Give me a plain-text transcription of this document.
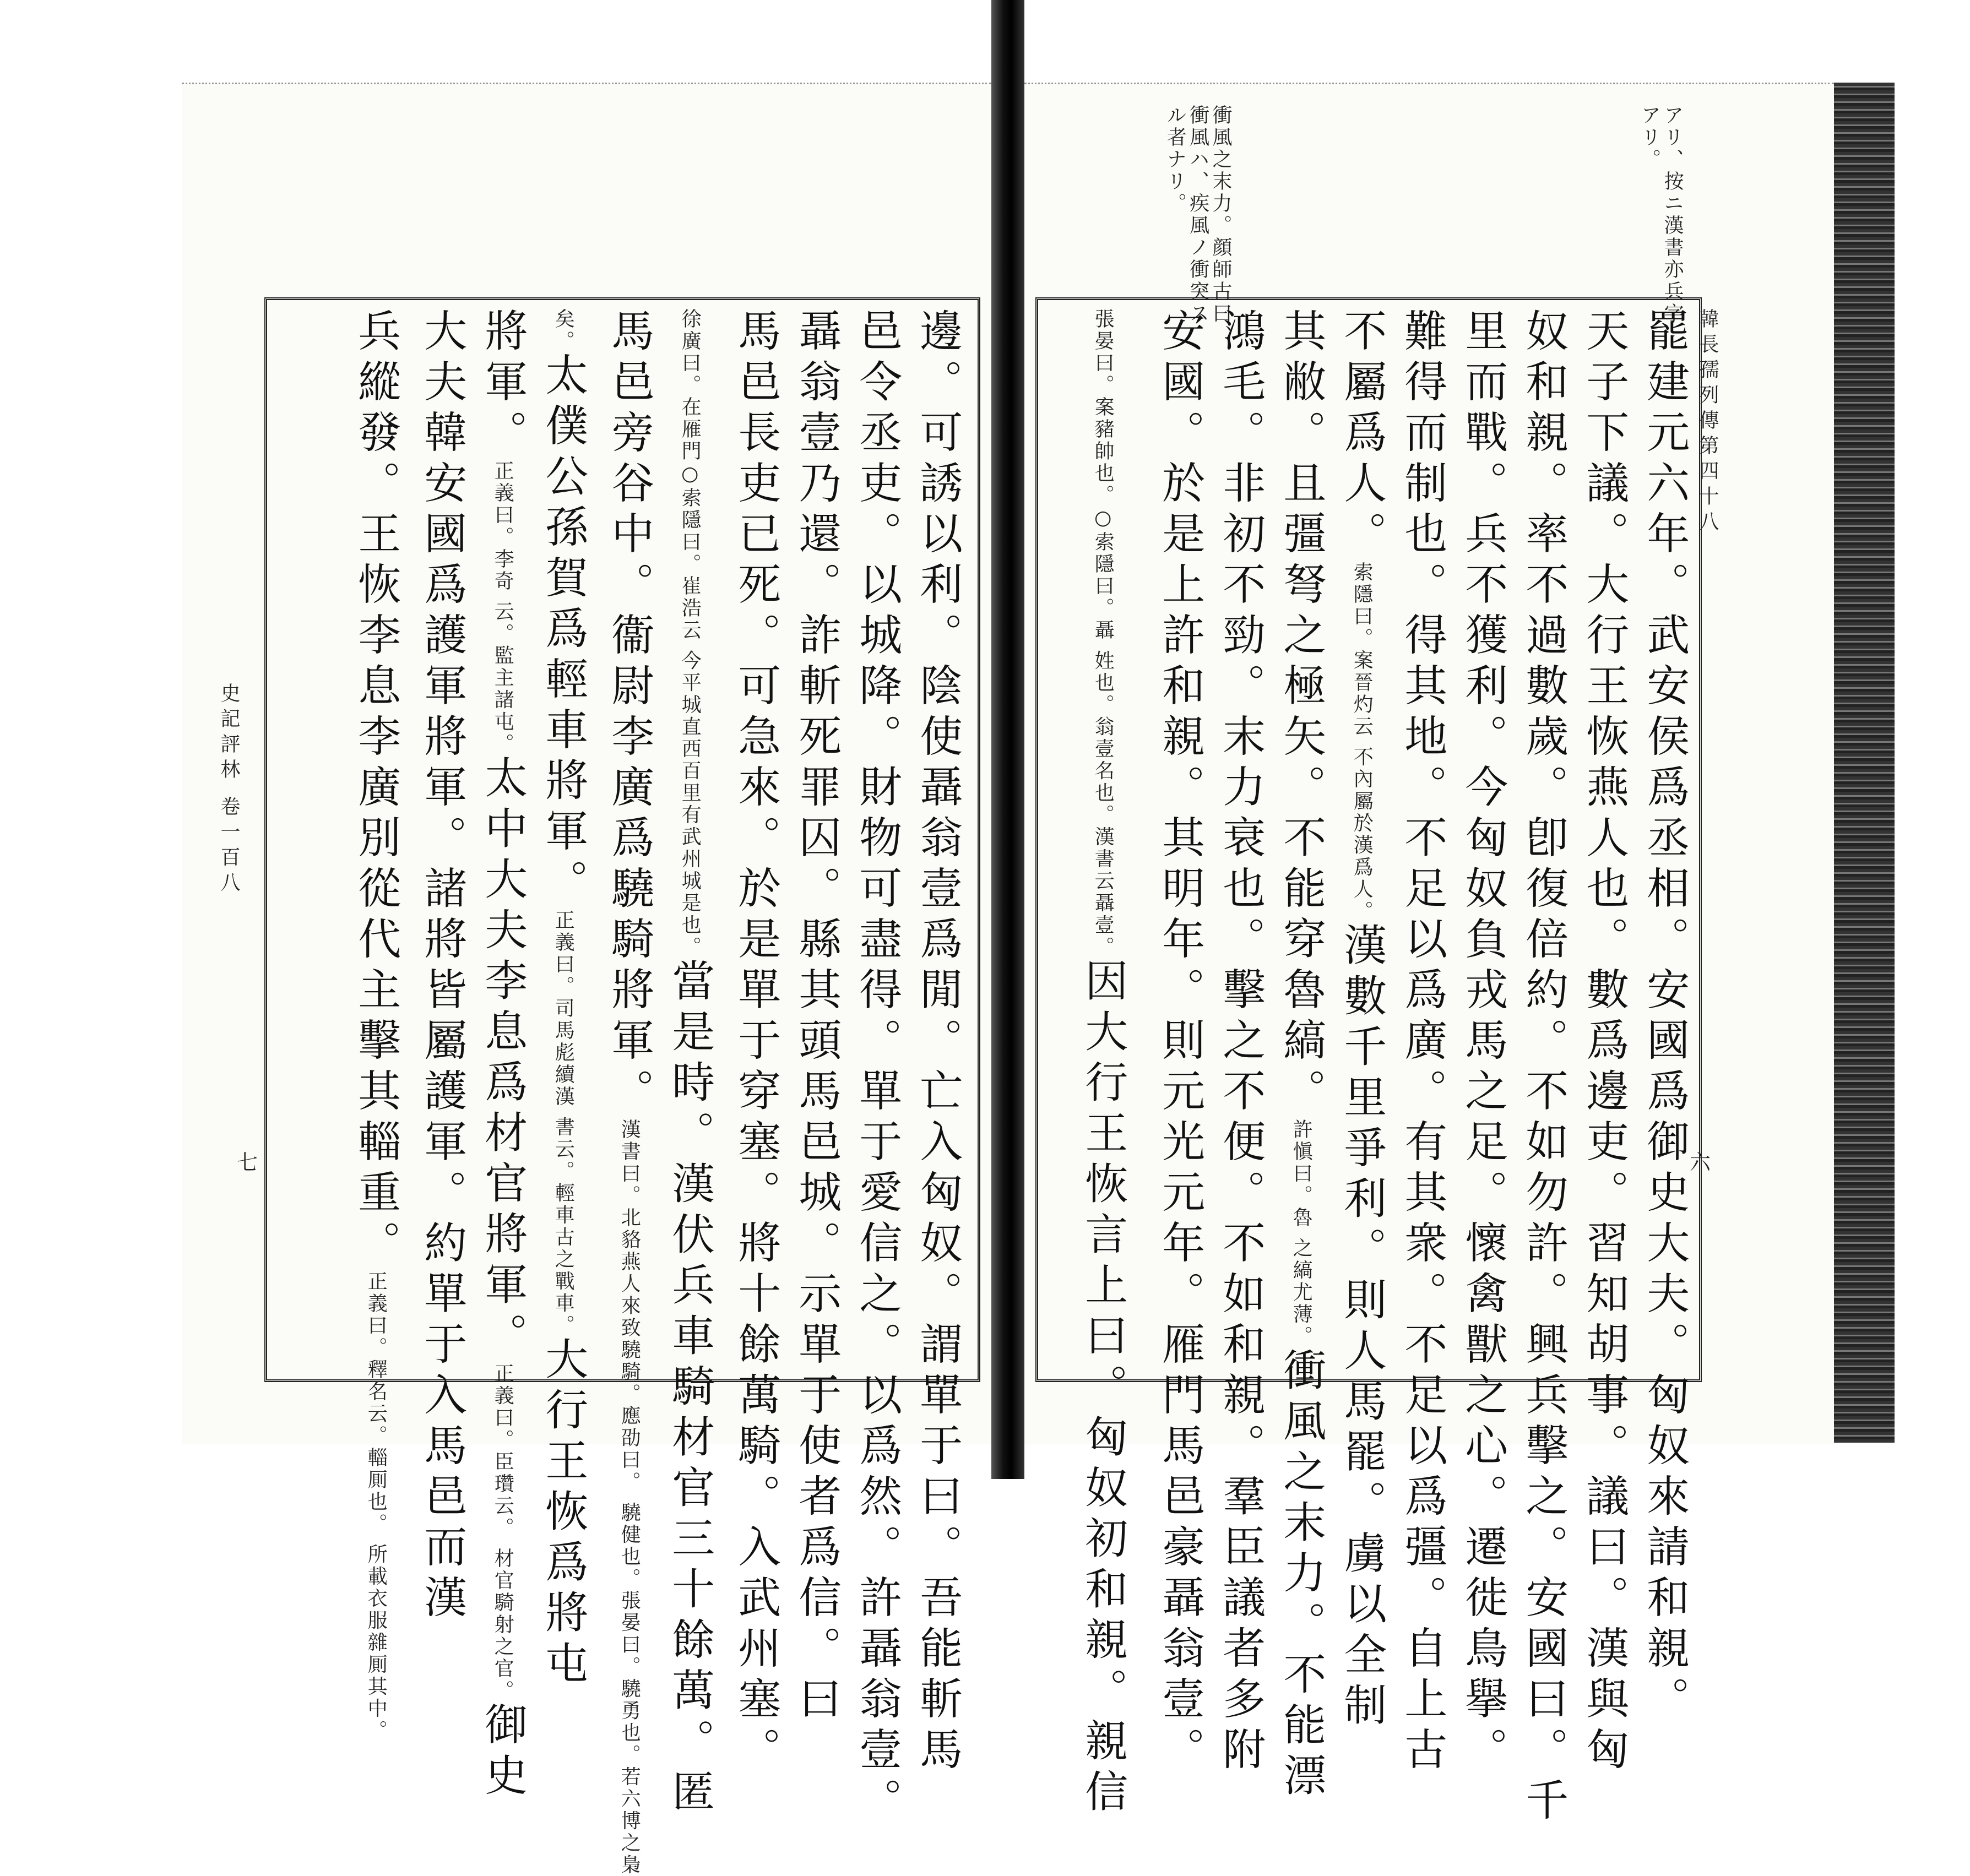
アリ、按ニ漢書亦兵字
アリ。
衝風之末力。顔師古曰、
衝風ハ、疾風ノ衝突ス
ル者ナリ。
韓長孺列傳第四十八
六
罷建元六年。武安侯爲丞相。安國爲御史大夫。匈奴來請和親。
天子下議。大行王恢燕人也。數爲邊吏。習知胡事。議曰。漢與匈
奴和親。率不過數歲。卽復倍約。不如勿許。興兵擊之。安國曰。千
里而戰。兵不獲利。今匈奴負戎馬之足。懷禽獸之心。遷徙鳥擧。
難得而制也。得其地。不足以爲廣。有其衆。不足以爲彊。自上古
不屬爲人。索隱曰。案晉灼云 不內屬於漢爲人。漢數千里爭利。則人馬罷。虜以全制
其敝。且彊弩之極矢。不能穿魯縞。許愼曰。魯 之縞尤薄。衝風之末力。不能漂
鴻毛。非初不勁。末力衰也。擊之不便。不如和親。羣臣議者多附
安國。於是上許和親。其明年。則元光元年。雁門馬邑豪聶翁壹。
張晏曰。案豬帥也。○索隱曰。聶 姓也。翁壹名也。漢書云聶壹。因大行王恢言上曰。匈奴初和親。親信
史記評林 卷一百八
七	邊。可誘以利。陰使聶翁壹爲閒。亡入匈奴。謂單于曰。吾能斬馬
邑令丞吏。以城降。財物可盡得。單于愛信之。以爲然。許聶翁壹。
聶翁壹乃還。詐斬死罪囚。縣其頭馬邑城。示單于使者爲信。曰
馬邑長吏已死。可急來。於是單于穿塞。將十餘萬騎。入武州塞。
徐廣曰。在雁門○索隱曰。崔浩云 今平城直西百里有武州城是也。當是時。漢伏兵車騎材官三十餘萬。匿
馬邑旁谷中。衞尉李廣爲驍騎將軍。漢書曰。北貉燕人來致驍騎。應劭曰。 驍健也。張晏曰。驍勇也。若六博之梟
矣。太僕公孫賀爲輕車將軍。正義曰。司馬彪續漢 書云。輕車古之戰車。大行王恢爲將屯
將軍。正義曰。李奇 云。監主諸屯。太中大夫李息爲材官將軍。正義曰。臣瓚云。 材官騎射之官。御史
大夫韓安國爲護軍將軍。諸將皆屬護軍。約單于入馬邑而漢
兵縱發。王恢李息李廣別從代主擊其輜重。正義曰。釋名云。輜厠也。 所載衣服雜厠其中。
